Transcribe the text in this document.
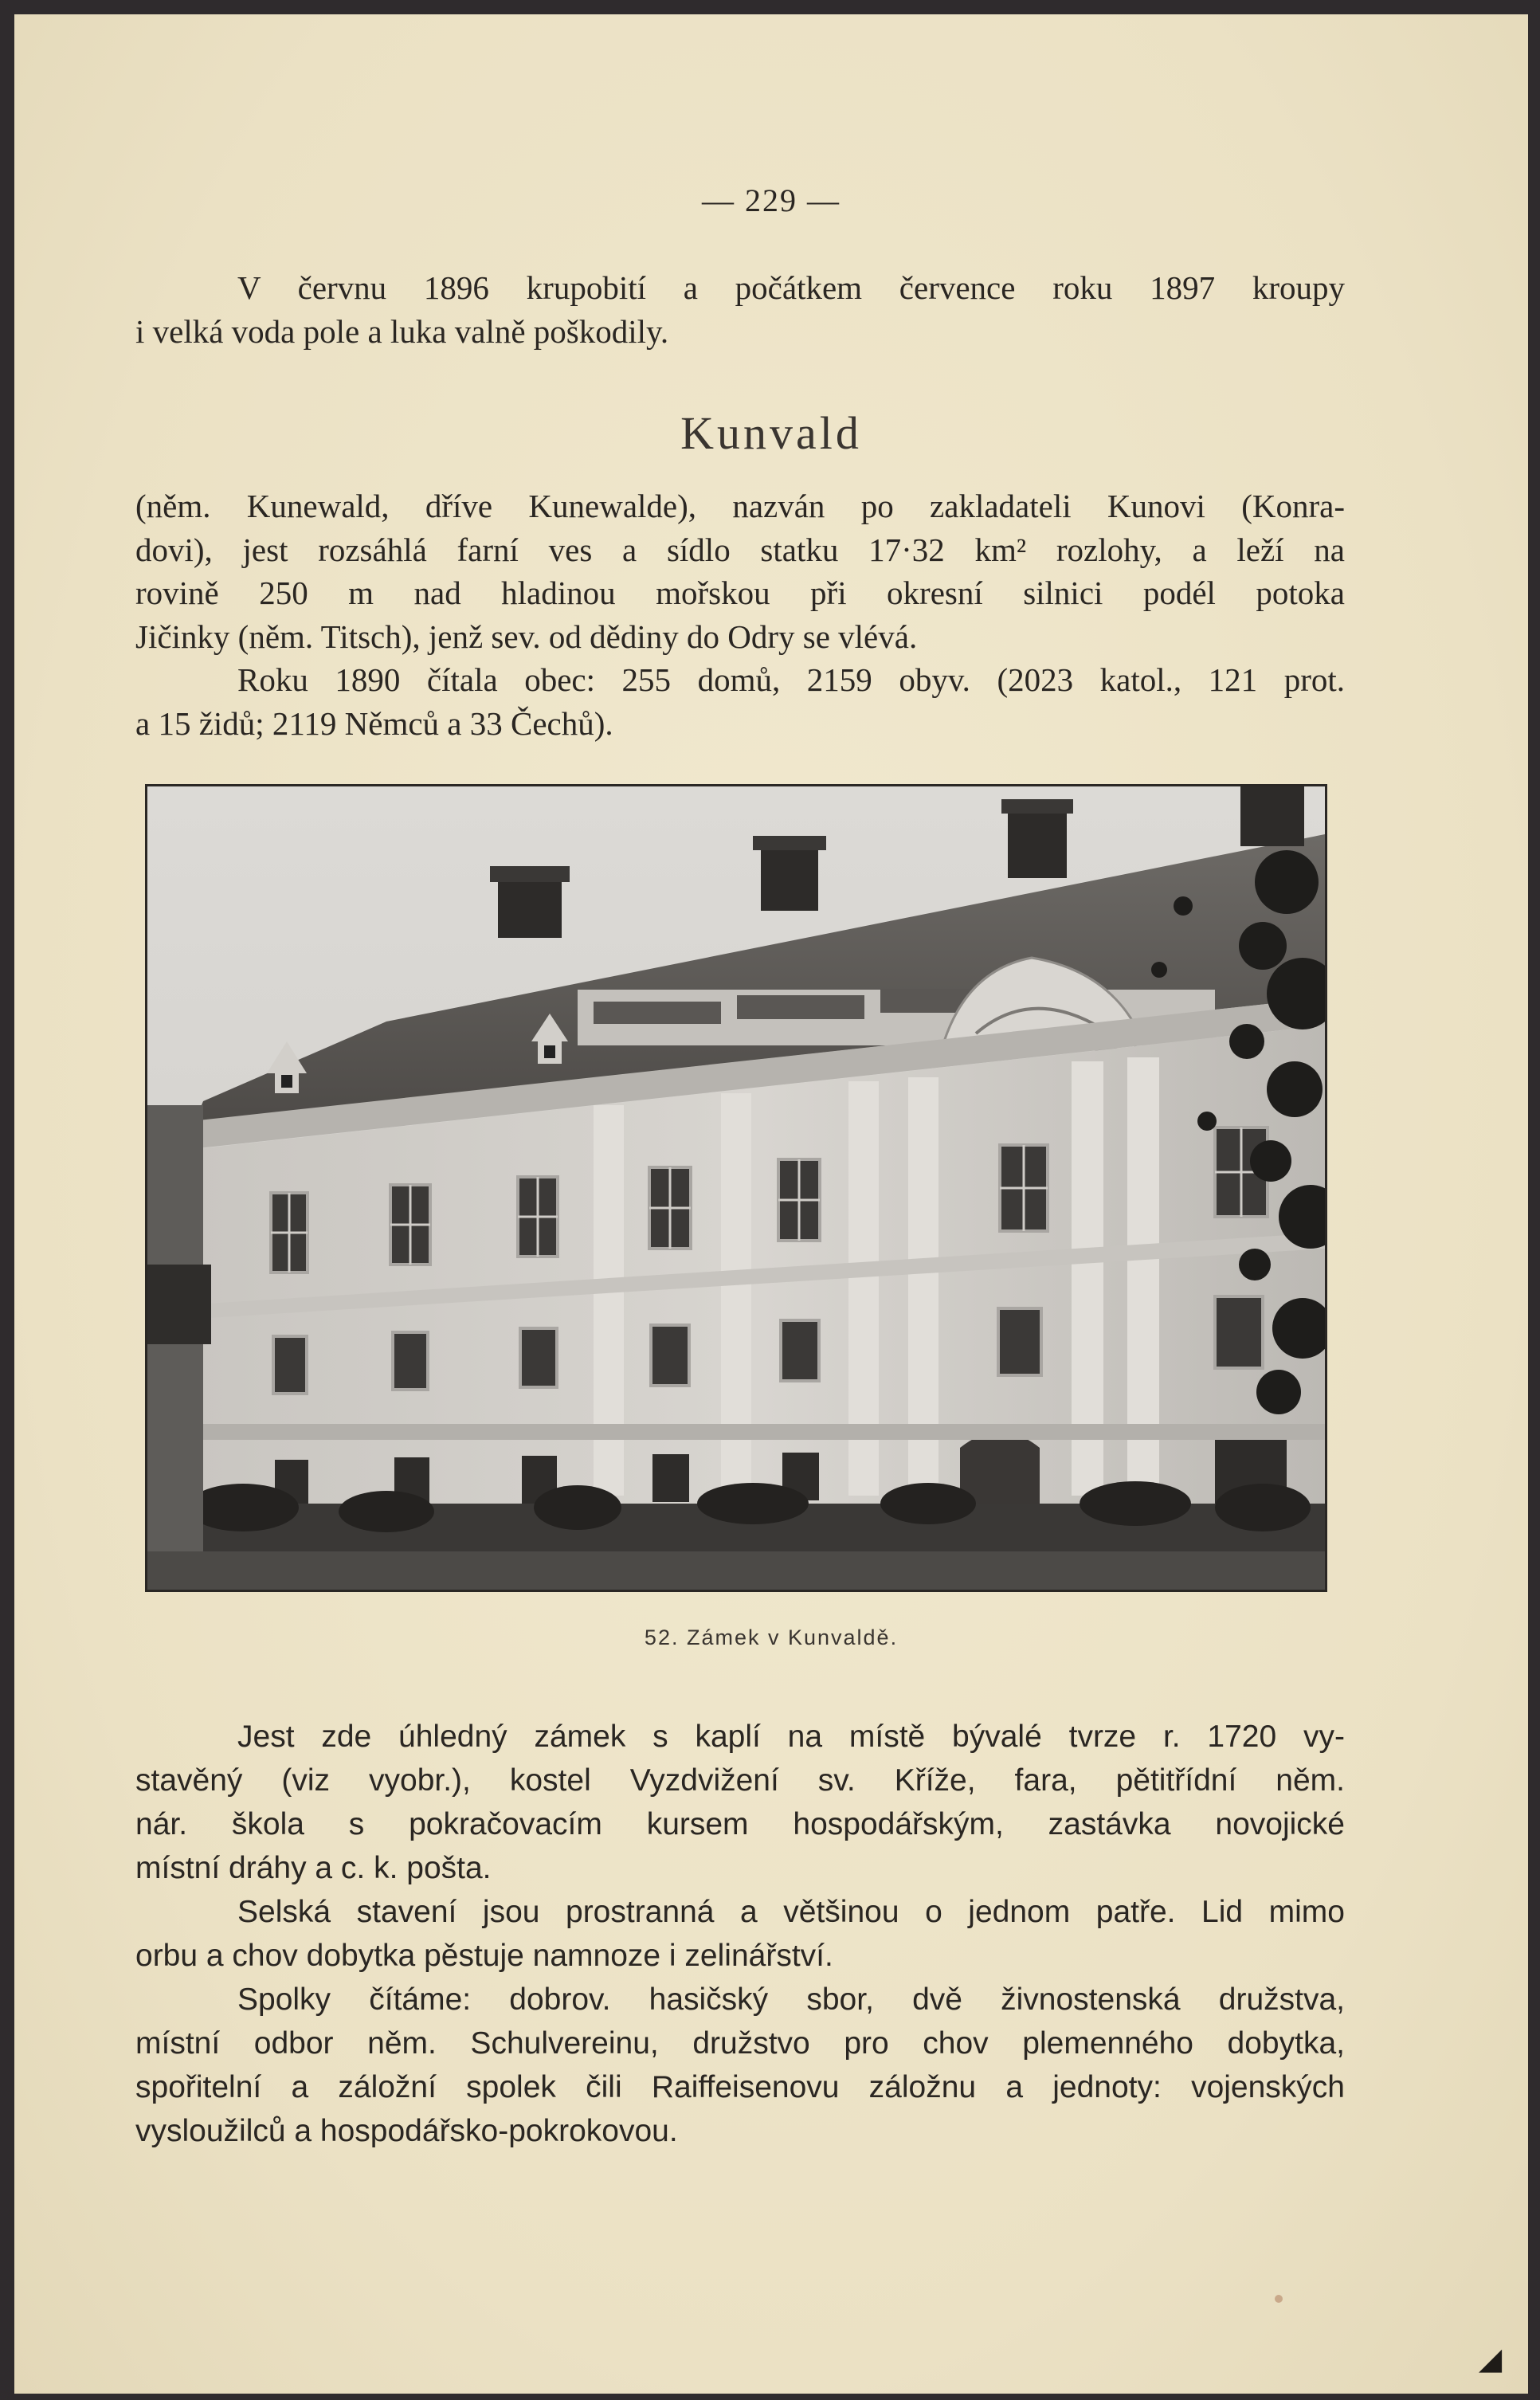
— 229 —

V červnu 1896 krupobití a počátkem července roku 1897 kroupy
i velká voda pole a luka valně poškodily.

Kunvald

(něm. Kunewald, dříve Kunewalde), nazván po zakladateli Kunovi (Konra-
dovi), jest rozsáhlá farní ves a sídlo statku 17·32 km² rozlohy, a leží na
rovině 250 m nad hladinou mořskou při okresní silnici podél potoka
Jičinky (něm. Titsch), jenž sev. od dědiny do Odry se vlévá.

Roku 1890 čítala obec: 255 domů, 2159 obyv. (2023 katol., 121 prot.
a 15 židů; 2119 Němců a 33 Čechů).

52. Zámek v Kunvaldě.

Jest zde úhledný zámek s kaplí na místě bývalé tvrze r. 1720 vy-
stavěný (viz vyobr.), kostel Vyzdvižení sv. Kříže, fara, pětitřídní něm.
nár. škola s pokračovacím kursem hospodářským, zastávka novojické
místní dráhy a c. k. pošta.

Selská stavení jsou prostranná a většinou o jednom patře. Lid mimo
orbu a chov dobytka pěstuje namnoze i zelinářství.

Spolky čítáme: dobrov. hasičský sbor, dvě živnostenská družstva,
místní odbor něm. Schulvereinu, družstvo pro chov plemenného dobytka,
spořitelní a záložní spolek čili Raiffeisenovu záložnu a jednoty: vojenských
vysloužilců a hospodářsko-pokrokovou.

◢
